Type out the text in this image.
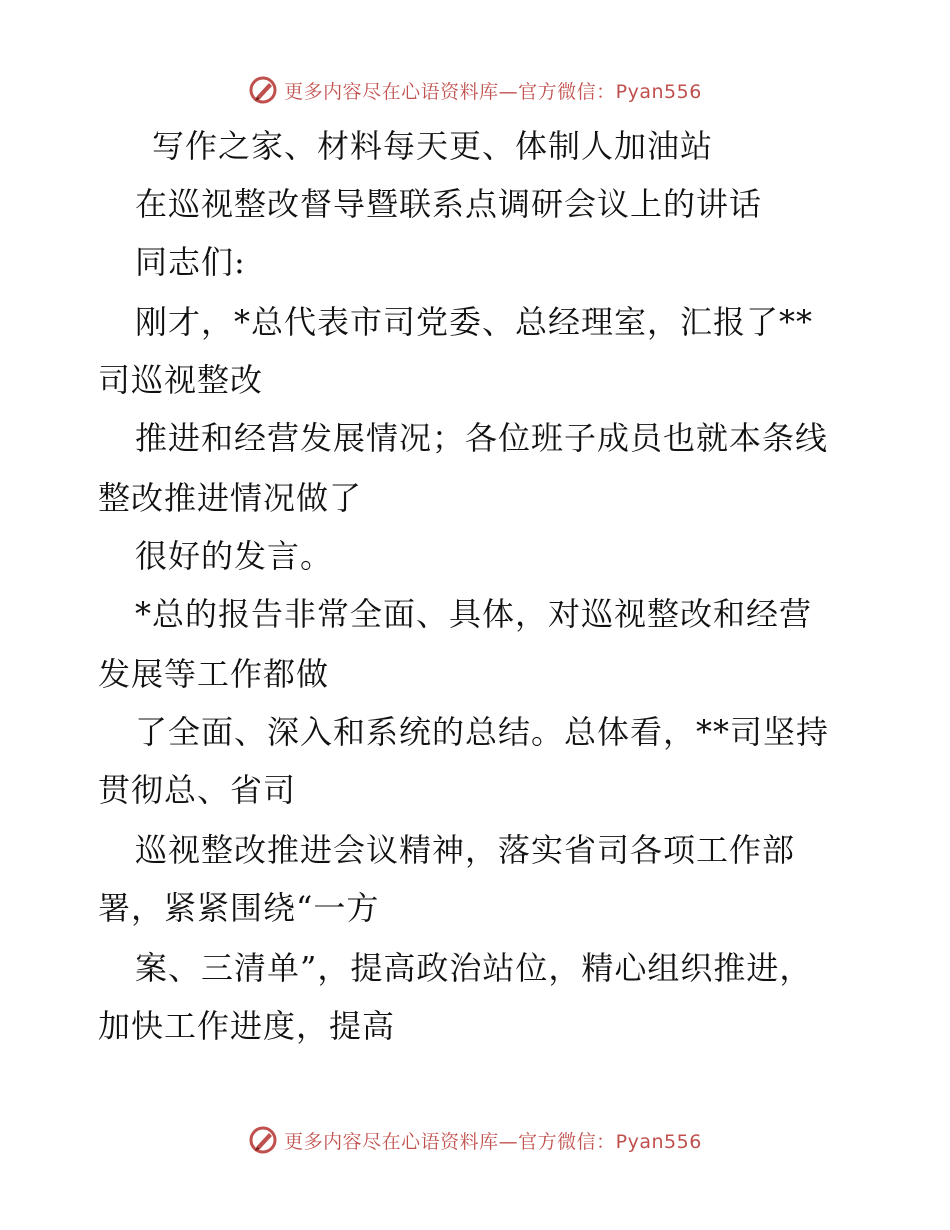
更多内容尽在心语资料库—官方微信：Pyan556
写作之家、材料每天更、体制人加油站
在巡视整改督导暨联系点调研会议上的讲话
同志们:
刚才，*总代表市司党委、总经理室，汇报了**
司巡视整改
推进和经营发展情况；各位班子成员也就本条线
整改推进情况做了
很好的发言。
*总的报告非常全面、具体，对巡视整改和经营
发展等工作都做
了全面、深入和系统的总结。总体看，**司坚持
贯彻总、省司
巡视整改推进会议精神，落实省司各项工作部
署，紧紧围绕“一方
案、三清单”，提高政治站位，精心组织推进，
加快工作进度，提高
更多内容尽在心语资料库—官方微信：Pyan556
